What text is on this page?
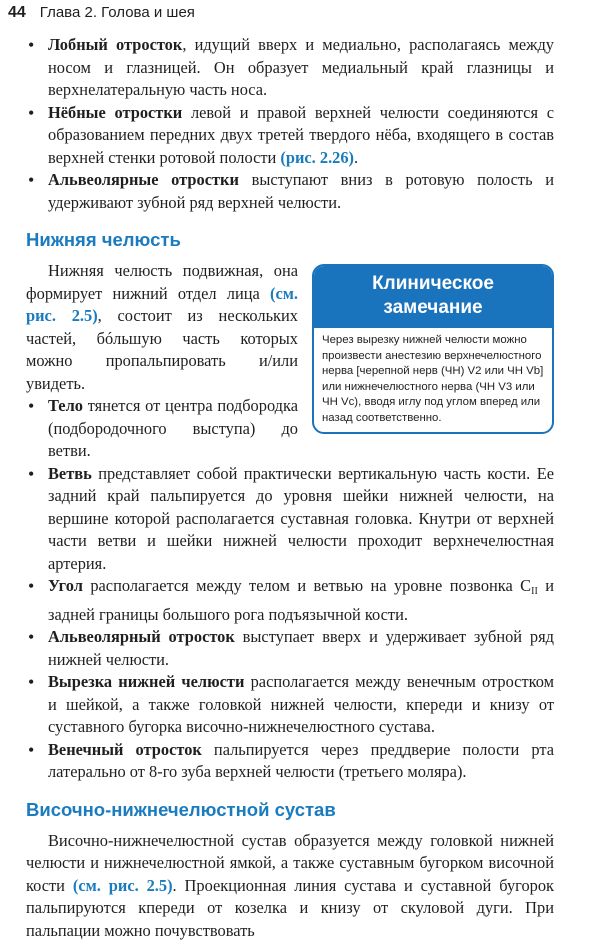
44 Глава 2. Голова и шея

• Лобный отросток, идущий вверх и медиально, располагаясь между носом и глазницей. Он образует медиальный край глазницы и верхнелатеральную часть носа.

• Нёбные отростки левой и правой верхней челюсти соединяются с образованием передних двух третей твердого нёба, входящего в состав верхней стенки ротовой полости (рис. 2.26).

• Альвеолярные отростки выступают вниз в ротовую полость и удерживают зубной ряд верхней челюсти.

Нижняя челюсть
Клиническое
замечание
Через вырезку нижней челюсти можно произвести анестезию верхнечелюстного нерва [черепной нерв (ЧН) V2 или ЧН Vb] или нижнечелюстного нерва (ЧН V3 или ЧН Vc), вводя иглу под углом вперед или назад соответственно.

Нижняя челюсть подвижная, она формирует нижний отдел лица (см. рис. 2.5), состоит из нескольких частей, бóльшую часть которых можно пропальпировать и/или увидеть.

• Тело тянется от центра подбородка (подбородочного выступа) до ветви.

• Ветвь представляет собой практически вертикальную часть кости. Ее задний край пальпируется до уровня шейки нижней челюсти, на вершине которой располагается суставная головка. Кнутри от верхней части ветви и шейки нижней челюсти проходит верхнечелюстная артерия.

• Угол располагается между телом и ветвью на уровне позвонка $C_{II}$ и задней границы большого рога подъязычной кости.

• Альвеолярный отросток выступает вверх и удерживает зубной ряд нижней челюсти.

• Вырезка нижней челюсти располагается между венечным отростком и шейкой, а также головкой нижней челюсти, кпереди и книзу от суставного бугорка височно-нижнечелюстного сустава.

• Венечный отросток пальпируется через преддверие полости рта латерально от 8-го зуба верхней челюсти (третьего моляра).

Височно-нижнечелюстной сустав

Височно-нижнечелюстной сустав образуется между головкой нижней челюсти и нижнечелюстной ямкой, а также суставным бугорком височной кости (см. рис. 2.5). Проекционная линия сустава и суставной бугорок пальпируются кпереди от козелка и книзу от скуловой дуги. При пальпации можно почувствовать
